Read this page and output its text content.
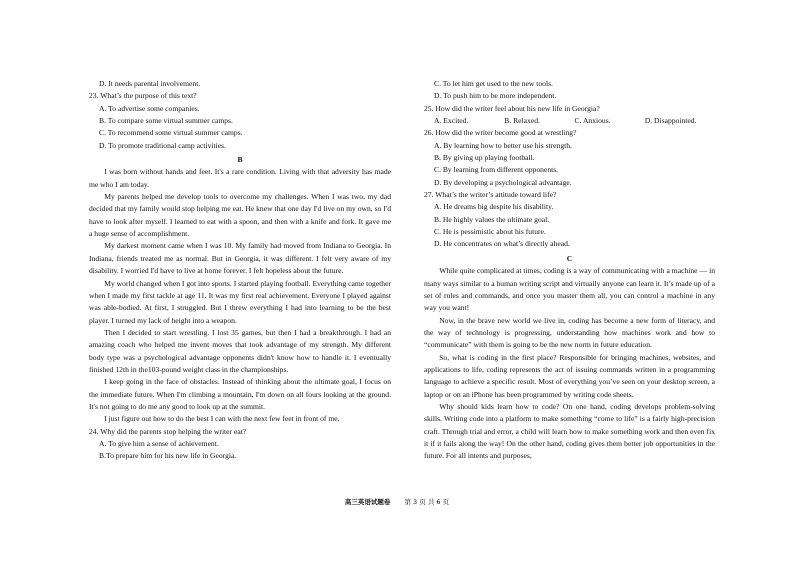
D. It needs parental involvement.

23. What’s the purpose of this text?

A. To advertise some companies.

B. To compare some virtual summer camps.

C. To recommend some virtual summer camps.

D. To promote traditional camp activities.

B

I was born without hands and feet. It's a rare condition. Living with that adversity has made me who I am today.

My parents helped me develop tools to overcome my challenges. When I was two, my dad decided that my family would stop helping me eat. He knew that one day I'd live on my own, so I'd have to look after myself. I learned to eat with a spoon, and then with a knife and fork. It gave me a huge sense of accomplishment.

My darkest moment came when I was 10. My family had moved from Indiana to Georgia. In Indiana, friends treated me as normal. But in Georgia, it was different. I felt very aware of my disability. I worried I'd have to live at home forever. I felt hopeless about the future.

My world changed when I got into sports. I started playing football. Everything came together when I made my first tackle at age 11. It was my first real achievement. Everyone I played against was able-bodied. At first, I struggled. But I threw everything I had into learning to be the best player. I turned my lack of height into a weapon.

Then I decided to start wrestling. I lost 35 games, but then I had a breakthrough. I had an amazing coach who helped me invent moves that took advantage of my strength. My different body type was a psychological advantage opponents didn't know how to handle it. I eventually finished 12th in the103-pound weight class in the championships.

I keep going in the face of obstacles. Instead of thinking about the ultimate goal, I focus on the immediate future. When I'm climbing a mountain, I'm down on all fours looking at the ground. It's not going to do me any good to look up at the summit.

I just figure out how to do the best I can with the next few feet in front of me.

24. Why did the parents stop helping the writer eat?

A. To give him a sense of achievement.

B.To prepare him for his new life in Georgia.

C. To let him get used to the new tools.

D. To push him to be more independent.

25. How did the writer feel about his new life in Georgia?

A. Excited.	B. Relaxed.	C. Anxious.	D. Disappointed.

26. How did the writer become good at wrestling?

A. By learning how to better use his strength.

B. By giving up playing football.

C. By learning from different opponents.

D. By developing a psychological advantage.

27. What’s the writer’s attitude toward life?

A. He dreams big despite his disability.

B. He highly values the ultimate goal.

C. He is pessimistic about his future.

D. He concentrates on what’s directly ahead.

C

While quite complicated at times, coding is a way of communicating with a machine — in many ways similar to a human writing script and virtually anyone can learn it. It’s made up of a set of rules and commands, and once you master them all, you can control a machine in any way you want!

Now, in the brave new world we live in, coding has become a new form of literacy, and the way of technology is progressing, understanding how machines work and how to “communicate” with them is going to be the new norm in future education.

So, what is coding in the first place? Responsible for bringing machines, websites, and applications to life, coding represents the act of issuing commands written in a programming language to achieve a specific result. Most of everything you’ve seen on your desktop screen, a laptop or on an iPhone has been programmed by writing code sheets.

Why should kids learn how to code? On one hand, coding develops problem-solving skills. Writing code into a platform to make something “come to life” is a fairly high-precision craft. Through trial and error, a child will learn how to make something work and then even fix it if it fails along the way! On the other hand, coding gives them better job opportunities in the future. For all intents and purposes,

高三英语试题卷 第 3 页 共 6 页
